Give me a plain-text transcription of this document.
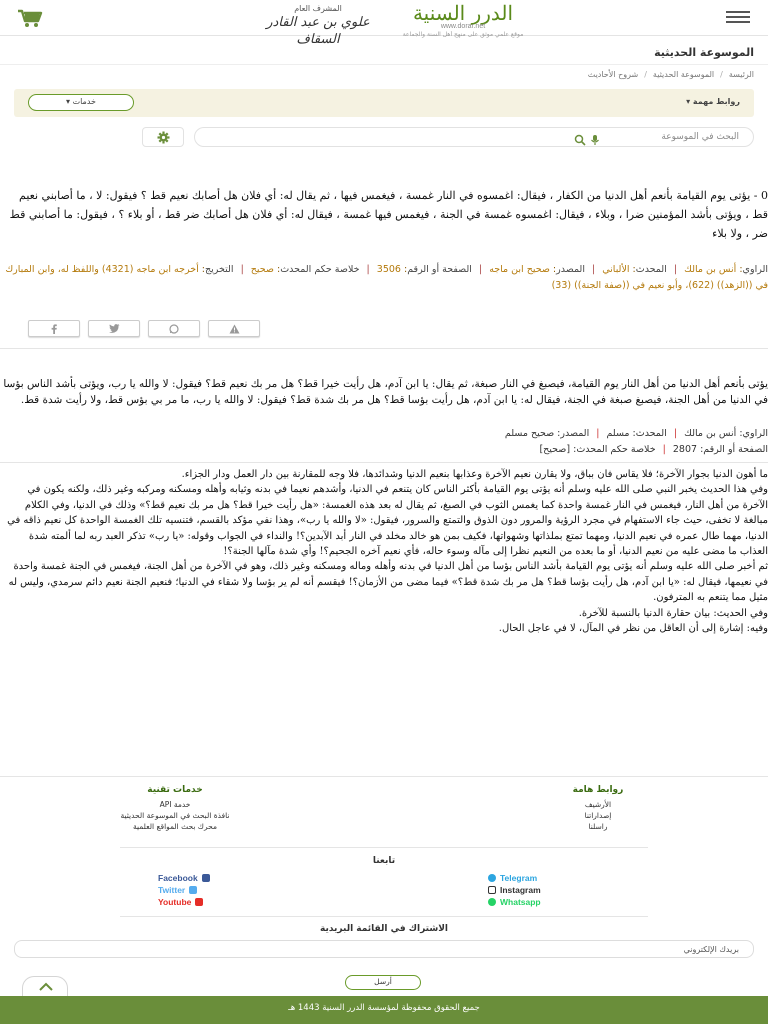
الدرر السنية
www.dorar.net
موقع علمي موثق على منهج أهل السنة والجماعة
المشرف العام
علوي بن عبد القادر السقاف
الموسوعة الحديثية
الرئيسة
/
الموسوعة الحديثية
/
شروح الأحاديث
روابط مهمة ▾
خدمات ▾
البحث في الموسوعة
0 - يؤتى يوم القيامة بأنعم أهل الدنيا من الكفار ، فيقال: اغمسوه في النار غمسة ، فيغمس فيها ، ثم يقال له: أي فلان هل أصابك نعيم قط ؟ فيقول: لا ، ما أصابني نعيم قط ، ويؤتى بأشد المؤمنين ضرا ، وبلاء ، فيقال: اغمسوه غمسة في الجنة ، فيغمس فيها غمسة ، فيقال له: أي فلان هل أصابك ضر قط ، أو بلاء ؟ ، فيقول: ما أصابني قط ضر ، ولا بلاء
الراوي: أنس بن مالك | المحدث: الألباني | المصدر: صحيح ابن ماجه | الصفحة أو الرقم: 3506 | خلاصة حكم المحدث: صحيح | التخريج: أخرجه ابن ماجه (4321) واللفظ له، وابن المبارك في ((الزهد)) (622)، وأبو نعيم في ((صفة الجنة)) (33)
يؤتى بأنعم أهل الدنيا من أهل النار يوم القيامة، فيصبغ في النار صبغة، ثم يقال: يا ابن آدم، هل رأيت خيرا قط؟ هل مر بك نعيم قط؟ فيقول: لا والله يا رب، ويؤتى بأشد الناس بؤسا في الدنيا من أهل الجنة، فيصبغ صبغة في الجنة، فيقال له: يا ابن آدم، هل رأيت بؤسا قط؟ هل مر بك شدة قط؟ فيقول: لا والله يا رب، ما مر بي بؤس قط، ولا رأيت شدة قط.
الراوي: أنس بن مالك | المحدث: مسلم | المصدر: صحيح مسلم
الصفحة أو الرقم: 2807 | خلاصة حكم المحدث: [صحيح]

ما أهون الدنيا بجوار الآخرة؛ فلا يقاس فان بباق، ولا يقارن نعيم الآخرة وعذابها بنعيم الدنيا وشدائدها، فلا وجه للمقارنة بين دار العمل ودار الجزاء.

وفي هذا الحديث يخبر النبي صلى الله عليه وسلم أنه يؤتى يوم القيامة بأكثر الناس كان يتنعم في الدنيا، وأشدهم نعيما في بدنه وثيابه وأهله ومسكنه ومركبه وغير ذلك، ولكنه يكون في الآخرة من أهل النار، فيغمس في النار غمسة واحدة كما يغمس الثوب في الصبغ، ثم يقال له بعد هذه الغمسة: «هل رأيت خيرا قط؟ هل مر بك نعيم قط؟» وذلك في الدنيا، وفي الكلام مبالغة لا تخفى، حيث جاء الاستفهام في مجرد الرؤية والمرور دون الذوق والتمتع والسرور، فيقول: «لا والله يا رب»، وهذا نفي مؤكد بالقسم، فتنسيه تلك الغمسة الواحدة كل نعيم ذاقه في الدنيا، مهما طال عمره في نعيم الدنيا، ومهما تمتع بملذاتها وشهواتها، فكيف بمن هو خالد مخلد في النار أبد الآبدين؟! والنداء في الجواب وقوله: «يا رب» تذكر العبد ربه لما ألمته شدة العذاب ما مضى عليه من نعيم الدنيا، أو ما بعده من النعيم نظرا إلى مآله وسوء حاله، فأي نعيم آخره الجحيم؟! وأي شدة مآلها الجنة؟!

ثم أخبر صلى الله عليه وسلم أنه يؤتى يوم القيامة بأشد الناس بؤسا من أهل الدنيا في بدنه وأهله وماله ومسكنه وغير ذلك، وهو في الآخرة من أهل الجنة، فيغمس في الجنة غمسة واحدة في نعيمها، فيقال له: «يا ابن آدم، هل رأيت بؤسا قط؟ هل مر بك شدة قط؟» فيما مضى من الأزمان؟! فيقسم أنه لم ير بؤسا ولا شقاء في الدنيا؛ فنعيم الجنة نعيم دائم سرمدي، وليس له مثيل مما يتنعم به المترفون.

وفي الحديث: بيان حقارة الدنيا بالنسبة للآخرة.

وفيه: إشارة إلى أن العاقل من نظر في المآل، لا في عاجل الحال.

روابط هامة
الأرشيف
إصداراتنا
راسلنا
خدمات تقنية
خدمة API
نافذة البحث في الموسوعة الحديثية
محرك بحث المواقع العلمية
تابعنا
Facebook
Twitter
Youtube
Telegram
Instagram
Whatsapp
الاشتراك في القائمة البريدية
بريدك الإلكتروني
أرسل
جميع الحقوق محفوظة لمؤسسة الدرر السنية 1443 هـ
